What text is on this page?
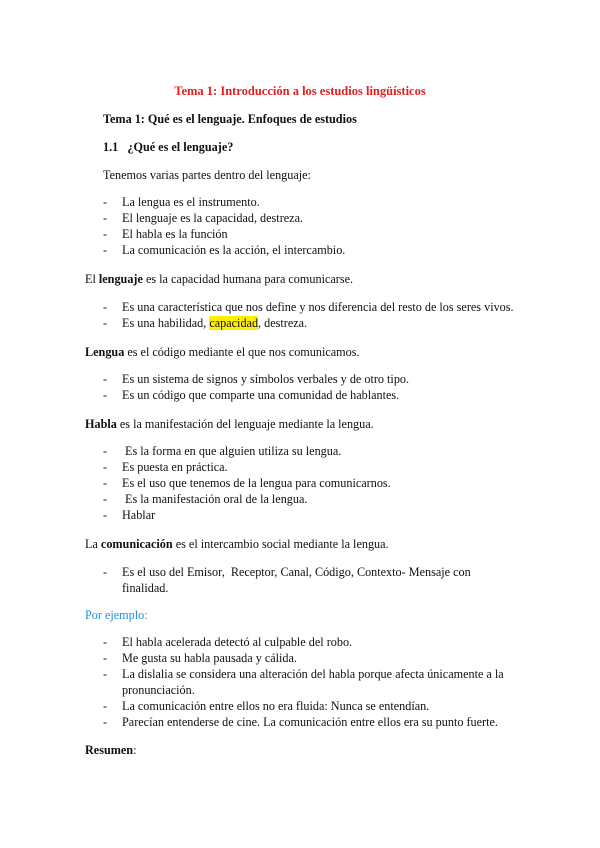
Tema 1: Introducción a los estudios lingüísticos
Tema 1: Qué es el lenguaje. Enfoques de estudios
1.1   ¿Qué es el lenguaje?
Tenemos varias partes dentro del lenguaje:
- La lengua es el instrumento.
- El lenguaje es la capacidad, destreza.
- El habla es la función
- La comunicación es la acción, el intercambio.
El lenguaje es la capacidad humana para comunicarse.
- Es una característica que nos define y nos diferencia del resto de los seres vivos.
- Es una habilidad, capacidad, destreza.
Lengua es el código mediante el que nos comunicamos.
- Es un sistema de signos y símbolos verbales y de otro tipo.
- Es un código que comparte una comunidad de hablantes.
Habla es la manifestación del lenguaje mediante la lengua.
- Es la forma en que alguien utiliza su lengua.
- Es puesta en práctica.
- Es el uso que tenemos de la lengua para comunicarnos.
- Es la manifestación oral de la lengua.
- Hablar
La comunicación es el intercambio social mediante la lengua.
- Es el uso del Emisor,  Receptor, Canal, Código, Contexto- Mensaje con
finalidad.
Por ejemplo:
- El habla acelerada detectó al culpable del robo.
- Me gusta su habla pausada y cálida.
- La dislalia se considera una alteración del habla porque afecta únicamente a la
pronunciación.
- La comunicación entre ellos no era fluida: Nunca se entendían.
- Parecían entenderse de cine. La comunicación entre ellos era su punto fuerte.
Resumen:
